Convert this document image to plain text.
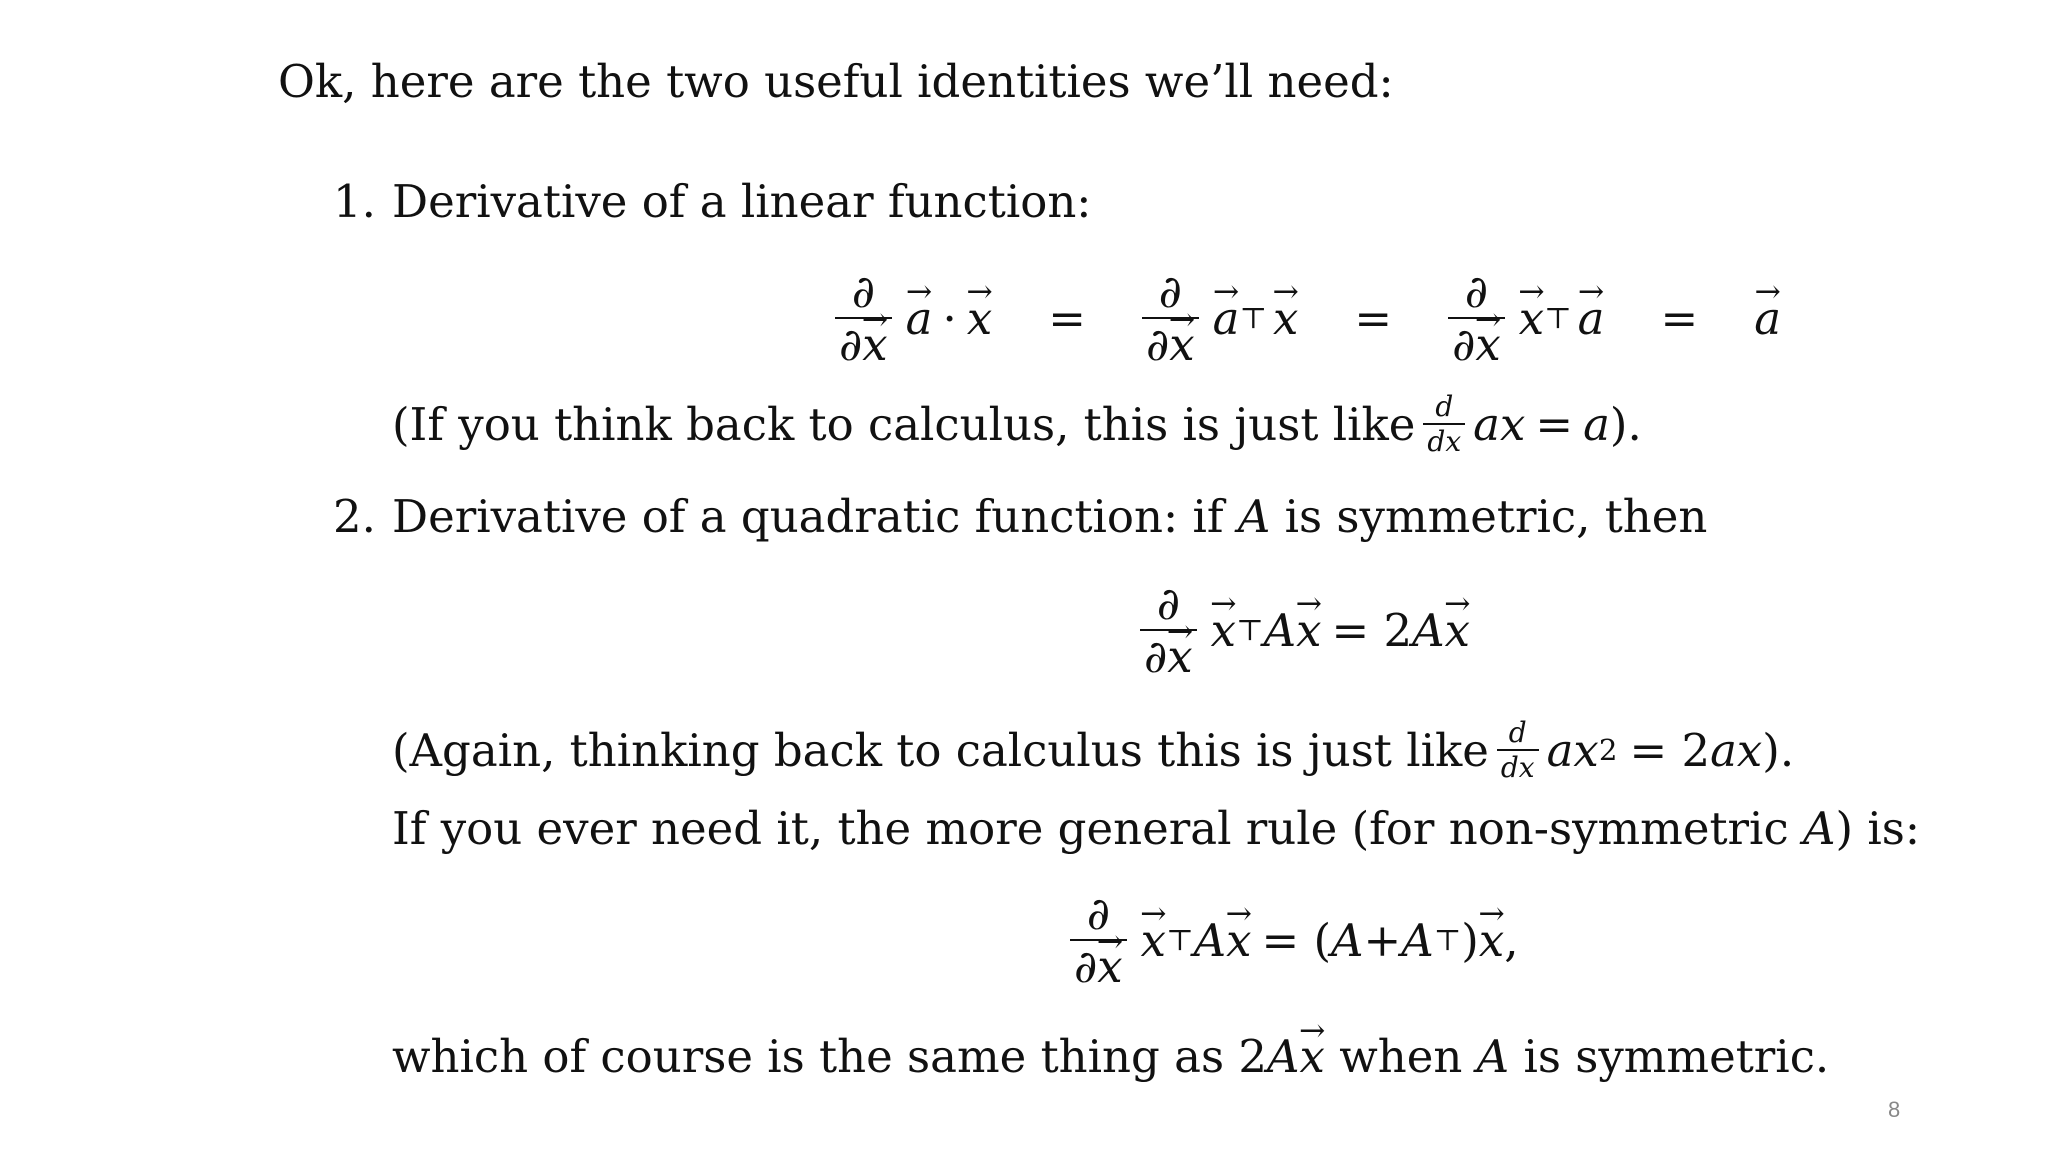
Ok, here are the two useful identities we’ll need:
1. Derivative of a linear function:
$\frac{\partial}{\partial x} \to a$ → · x → = $\frac{\partial}{\partial x} \to a$ → ⊤ x → = $\frac{\partial}{\partial x} \to x$ → ⊤ a → = a →
(If you think back to calculus, this is just like $\frac{d}{dx}$ ax = a ).
2. Derivative of a quadratic function: if A is symmetric, then
$\frac{\partial}{\partial x} \to x$ → ⊤ A x → = 2 A x →
(Again, thinking back to calculus this is just like $\frac{d}{dx}$ ax 2 = 2 ax ).
If you ever need it, the more general rule (for non-symmetric A) is:
$\frac{\partial}{\partial x} \to x$ → ⊤ A x → = ( A + A ⊤ ) x → ,
which of course is the same thing as 2Ax → when A is symmetric.
8
